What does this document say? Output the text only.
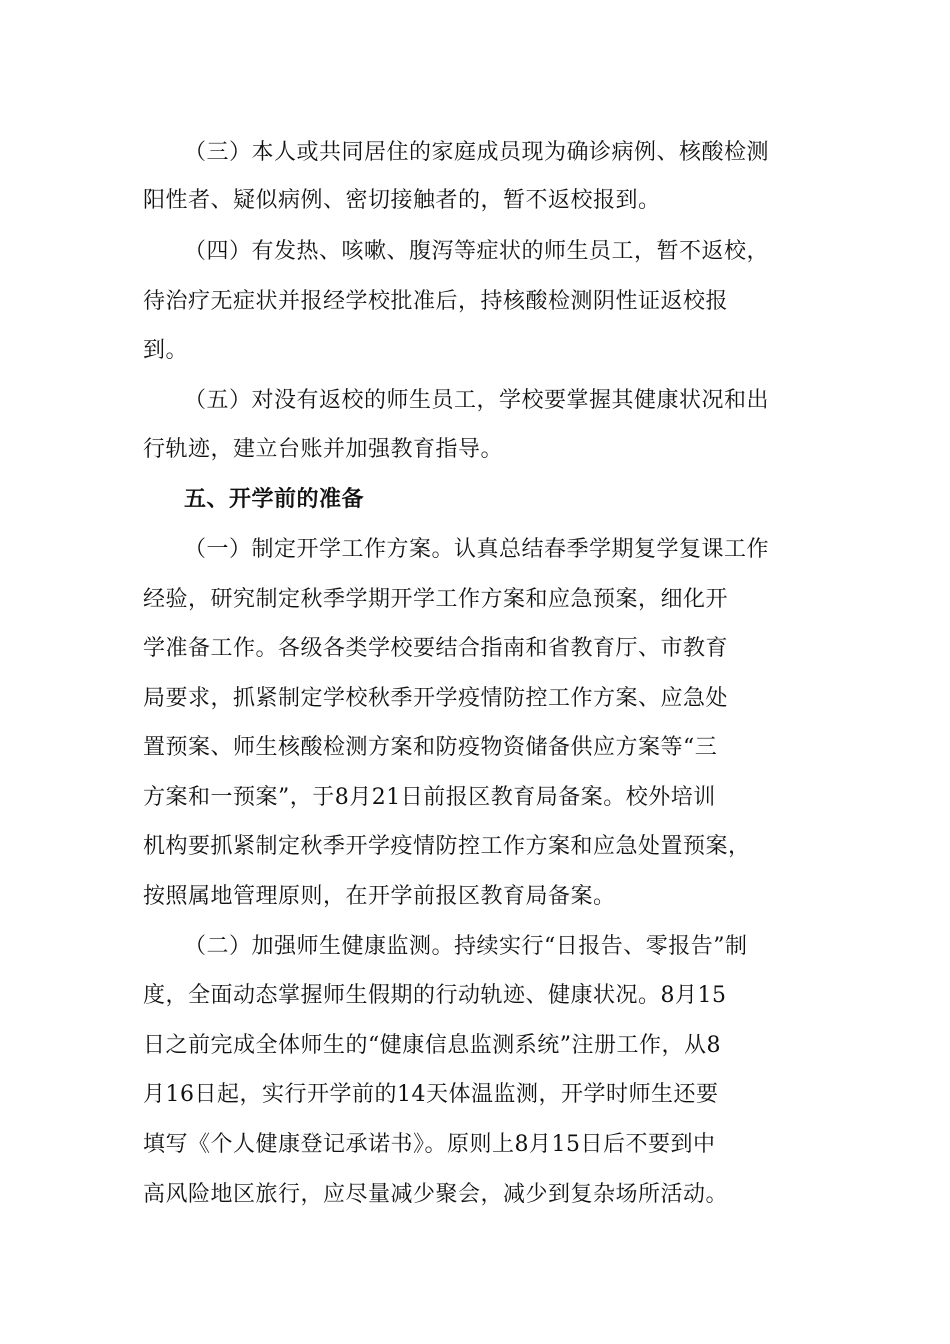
（三）本人或共同居住的家庭成员现为确诊病例、核酸检测
阳性者、疑似病例、密切接触者的，暂不返校报到。
（四）有发热、咳嗽、腹泻等症状的师生员工，暂不返校，
待治疗无症状并报经学校批准后，持核酸检测阴性证返校报
到。
（五）对没有返校的师生员工，学校要掌握其健康状况和出
行轨迹，建立台账并加强教育指导。
五、开学前的准备
（一）制定开学工作方案。认真总结春季学期复学复课工作
经验，研究制定秋季学期开学工作方案和应急预案，细化开
学准备工作。各级各类学校要结合指南和省教育厅、市教育
局要求，抓紧制定学校秋季开学疫情防控工作方案、应急处
置预案、师生核酸检测方案和防疫物资储备供应方案等“三
方案和一预案”，于8月21日前报区教育局备案。校外培训
机构要抓紧制定秋季开学疫情防控工作方案和应急处置预案，
按照属地管理原则，在开学前报区教育局备案。
（二）加强师生健康监测。持续实行“日报告、零报告”制
度，全面动态掌握师生假期的行动轨迹、健康状况。8月15
日之前完成全体师生的“健康信息监测系统”注册工作，从8
月16日起，实行开学前的14天体温监测，开学时师生还要
填写《个人健康登记承诺书》。原则上8月15日后不要到中
高风险地区旅行，应尽量减少聚会，减少到复杂场所活动。
